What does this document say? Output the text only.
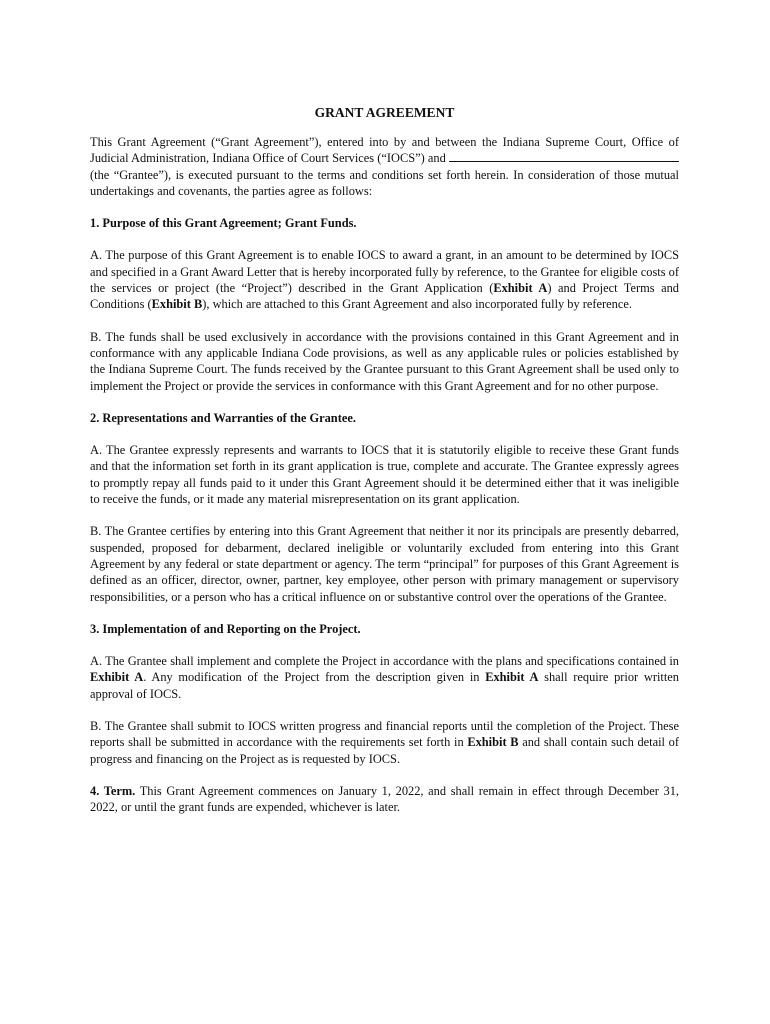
GRANT AGREEMENT

This Grant Agreement (“Grant Agreement”), entered into by and between the Indiana Supreme Court, Office of Judicial Administration, Indiana Office of Court Services (“IOCS”) and  (the “Grantee”), is executed pursuant to the terms and conditions set forth herein. In consideration of those mutual undertakings and covenants, the parties agree as follows:

1. Purpose of this Grant Agreement; Grant Funds.

A. The purpose of this Grant Agreement is to enable IOCS to award a grant, in an amount to be determined by IOCS and specified in a Grant Award Letter that is hereby incorporated fully by reference, to the Grantee for eligible costs of the services or project (the “Project”) described in the Grant Application (Exhibit A) and Project Terms and Conditions (Exhibit B), which are attached to this Grant Agreement and also incorporated fully by reference.

B. The funds shall be used exclusively in accordance with the provisions contained in this Grant Agreement and in conformance with any applicable Indiana Code provisions, as well as any applicable rules or policies established by the Indiana Supreme Court. The funds received by the Grantee pursuant to this Grant Agreement shall be used only to implement the Project or provide the services in conformance with this Grant Agreement and for no other purpose.

2. Representations and Warranties of the Grantee.

A. The Grantee expressly represents and warrants to IOCS that it is statutorily eligible to receive these Grant funds and that the information set forth in its grant application is true, complete and accurate. The Grantee expressly agrees to promptly repay all funds paid to it under this Grant Agreement should it be determined either that it was ineligible to receive the funds, or it made any material misrepresentation on its grant application.

B. The Grantee certifies by entering into this Grant Agreement that neither it nor its principals are presently debarred, suspended, proposed for debarment, declared ineligible or voluntarily excluded from entering into this Grant Agreement by any federal or state department or agency. The term “principal” for purposes of this Grant Agreement is defined as an officer, director, owner, partner, key employee, other person with primary management or supervisory responsibilities, or a person who has a critical influence on or substantive control over the operations of the Grantee.

3. Implementation of and Reporting on the Project.

A. The Grantee shall implement and complete the Project in accordance with the plans and specifications contained in Exhibit A. Any modification of the Project from the description given in Exhibit A shall require prior written approval of IOCS.

B. The Grantee shall submit to IOCS written progress and financial reports until the completion of the Project. These reports shall be submitted in accordance with the requirements set forth in Exhibit B and shall contain such detail of progress and financing on the Project as is requested by IOCS.

4. Term. This Grant Agreement commences on January 1, 2022, and shall remain in effect through December 31, 2022, or until the grant funds are expended, whichever is later.
